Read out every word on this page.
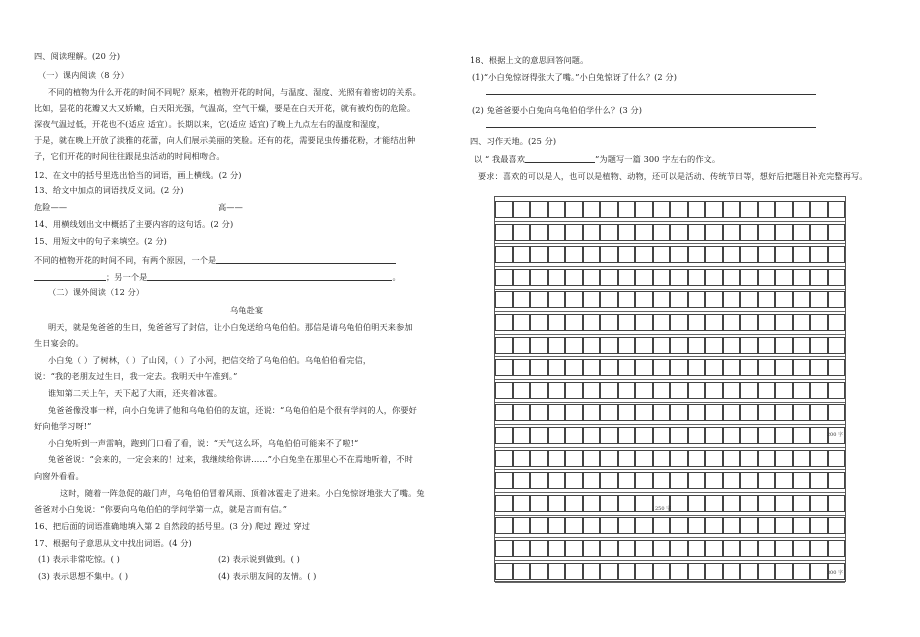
四、阅读理解。(20 分)
（一）课内阅读（8 分）
不同的植物为什么开花的时间不同呢？原来，植物开花的时间，与温度、湿度、光照有着密切的关系。
比如，昙花的花瓣又大又娇嫩，白天阳光强，气温高，空气干燥，要是在白天开花，就有被灼伤的危险。
深夜气温过低，开花也不(适应 适宜）。长期以来，它(适应 适宜)了晚上九点左右的温度和湿度，
于是，就在晚上开放了淡雅的花蕾，向人们展示美丽的笑脸。还有的花，需要昆虫传播花粉，才能结出种
子，它们开花的时间往往跟昆虫活动的时间相吻合。
12、在文中的括号里选出恰当的词语，画上横线。(2 分)
13、给文中加点的词语找反义词。(2 分)
危险——	高——
14、用横线划出文中概括了主要内容的这句话。(2 分)
15、用短文中的句子来填空。(2 分)
不同的植物开花的时间不同，有两个原因，一个是
；另一个是	。
（二）课外阅读（12 分）
乌龟赴宴
明天，就是兔爸爸的生日，兔爸爸写了封信，让小白兔送给乌龟伯伯。那信是请乌龟伯伯明天来参加
生日宴会的。
小白兔（ ）了树林，（ ）了山冈，（ ）了小河，把信交给了乌龟伯伯。乌龟伯伯看完信，
说：“我的老朋友过生日，我一定去。我明天中午准到。”
谁知第二天上午，天下起了大雨，还夹着冰雹。
兔爸爸像没事一样，向小白兔讲了他和乌龟伯伯的友谊，还说：“乌龟伯伯是个很有学问的人，你要好
好向他学习呀!”
小白兔听到一声雷响，跑到门口看了看，说：“天气这么坏，乌龟伯伯可能来不了啦!“
兔爸爸说：“会来的，一定会来的！过来，我继续给你讲……”小白兔坐在那里心不在焉地听着，不时
向窗外看看。
这时，随着一阵急促的敲门声，乌龟伯伯冒着风雨、顶着冰雹走了进来。小白兔惊讶地张大了嘴。兔
爸爸对小白兔说：“你要向乌龟伯伯的学问学第一点，就是言而有信。”
16、把后面的词语准确地填入第 2 自然段的括号里。(3 分) 爬过 蹚过 穿过
17、根据句子意思从文中找出词语。(4 分)
(1) 表示非常吃惊。( )	(2) 表示说到做到。( )
(3) 表示思想不集中。( )	(4) 表示朋友间的友情。( )
18、根据上文的意思回答问题。
(1)“小白兔惊讶得张大了嘴。”小白兔惊讶了什么？(2 分)
(2) 兔爸爸要小白兔向乌龟伯伯学什么？(3 分)
四、习作天地。(25 分)
以 “ 我最喜欢	”为题写一篇 300 字左右的作文。
要求：喜欢的可以是人，也可以是植物、动物，还可以是活动、传统节日等，想好后把题目补充完整再写。
200 字
250 字
300 字
